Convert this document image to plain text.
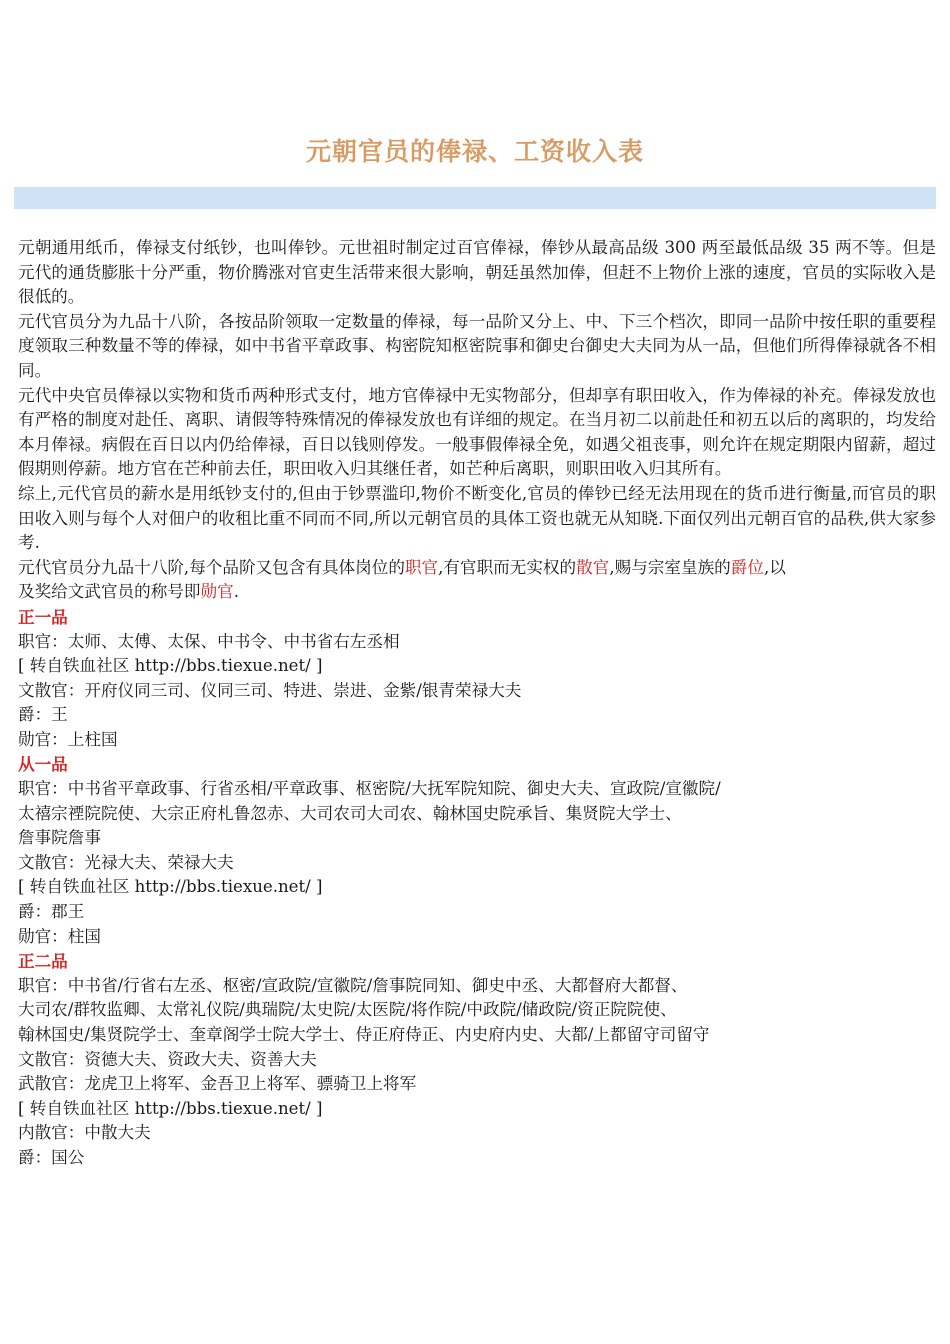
元朝官员的俸禄、工资收入表

元朝通用纸币，俸禄支付纸钞，也叫俸钞。元世祖时制定过百官俸禄，俸钞从最高品级 300 两至最低品级 35 两不等。但是元代的通货膨胀十分严重，物价腾涨对官吏生活带来很大影响，朝廷虽然加俸，但赶不上物价上涨的速度，官员的实际收入是很低的。

元代官员分为九品十八阶，各按品阶领取一定数量的俸禄，每一品阶又分上、中、下三个档次，即同一品阶中按任职的重要程度领取三种数量不等的俸禄，如中书省平章政事、构密院知枢密院事和御史台御史大夫同为从一品，但他们所得俸禄就各不相同。

元代中央官员俸禄以实物和货币两种形式支付，地方官俸禄中无实物部分，但却享有职田收入，作为俸禄的补充。俸禄发放也有严格的制度对赴任、离职、请假等特殊情况的俸禄发放也有详细的规定。在当月初二以前赴任和初五以后的离职的，均发给本月俸禄。病假在百日以内仍给俸禄，百日以钱则停发。一般事假俸禄全免，如遇父祖丧事，则允许在规定期限内留薪，超过假期则停薪。地方官在芒种前去任，职田收入归其继任者，如芒种后离职，则职田收入归其所有。

综上,元代官员的薪水是用纸钞支付的,但由于钞票滥印,物价不断变化,官员的俸钞已经无法用现在的货币进行衡量,而官员的职田收入则与每个人对佃户的收租比重不同而不同,所以元朝官员的具体工资也就无从知晓.下面仅列出元朝百官的品秩,供大家参考.

元代官员分九品十八阶,每个品阶又包含有具体岗位的职官,有官职而无实权的散官,赐与宗室皇族的爵位,以
及奖给文武官员的称号即勋官.

正一品
职官：太师、太傅、太保、中书令、中书省右左丞相
[ 转自铁血社区 http://bbs.tiexue.net/ ]
文散官：开府仪同三司、仪同三司、特进、崇进、金紫/银青荣禄大夫
爵：王
勋官：上柱国
从一品
职官：中书省平章政事、行省丞相/平章政事、枢密院/大抚军院知院、御史大夫、宣政院/宣徽院/
太禧宗禋院院使、大宗正府札鲁忽赤、大司农司大司农、翰林国史院承旨、集贤院大学士、
詹事院詹事
文散官：光禄大夫、荣禄大夫
[ 转自铁血社区 http://bbs.tiexue.net/ ]
爵：郡王
勋官：柱国
正二品
职官：中书省/行省右左丞、枢密/宣政院/宣徽院/詹事院同知、御史中丞、大都督府大都督、
大司农/群牧监卿、太常礼仪院/典瑞院/太史院/太医院/将作院/中政院/储政院/资正院院使、
翰林国史/集贤院学士、奎章阁学士院大学士、侍正府侍正、内史府内史、大都/上都留守司留守
文散官：资德大夫、资政大夫、资善大夫
武散官：龙虎卫上将军、金吾卫上将军、骠骑卫上将军
[ 转自铁血社区 http://bbs.tiexue.net/ ]
内散官：中散大夫
爵：国公
